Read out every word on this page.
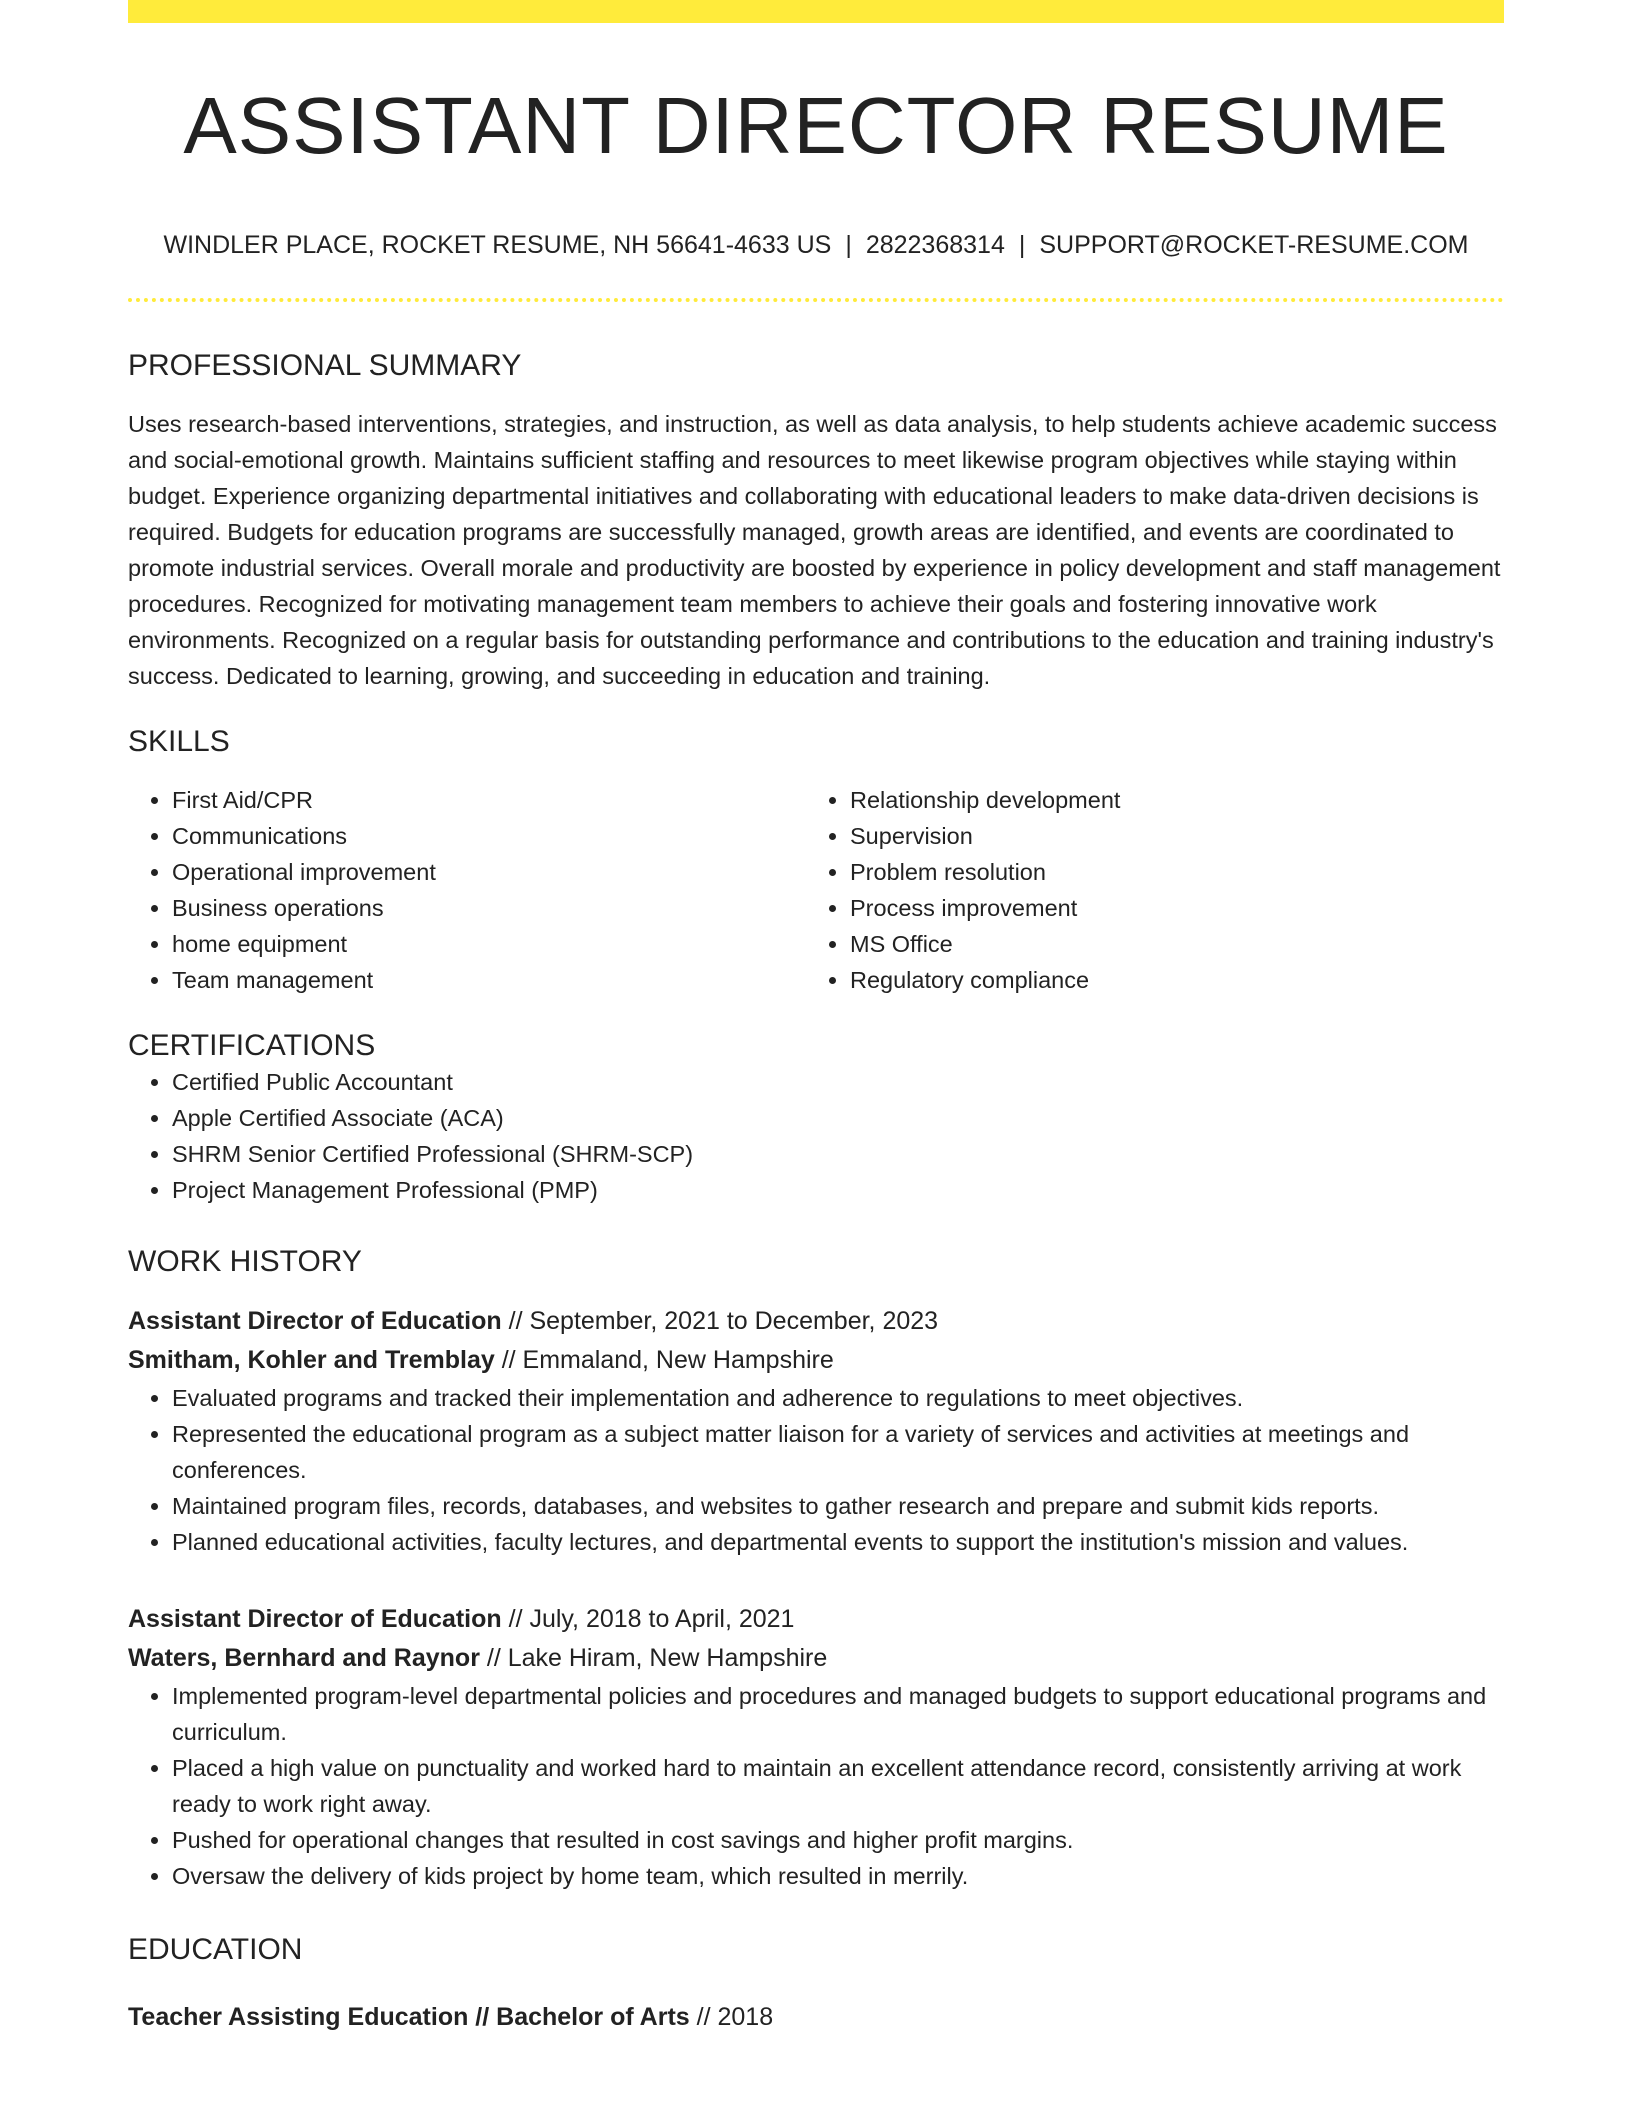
ASSISTANT DIRECTOR RESUME
WINDLER PLACE, ROCKET RESUME, NH 56641-4633 US | 2822368314 | SUPPORT@ROCKET-RESUME.COM
PROFESSIONAL SUMMARY
Uses research-based interventions, strategies, and instruction, as well as data analysis, to help students achieve academic success and social-emotional growth. Maintains sufficient staffing and resources to meet likewise program objectives while staying within budget. Experience organizing departmental initiatives and collaborating with educational leaders to make data-driven decisions is required. Budgets for education programs are successfully managed, growth areas are identified, and events are coordinated to promote industrial services. Overall morale and productivity are boosted by experience in policy development and staff management procedures. Recognized for motivating management team members to achieve their goals and fostering innovative work environments. Recognized on a regular basis for outstanding performance and contributions to the education and training industry's success. Dedicated to learning, growing, and succeeding in education and training.
SKILLS
• First Aid/CPR
• Communications
• Operational improvement
• Business operations
• home equipment
• Team management
• Relationship development
• Supervision
• Problem resolution
• Process improvement
• MS Office
• Regulatory compliance
CERTIFICATIONS
• Certified Public Accountant
• Apple Certified Associate (ACA)
• SHRM Senior Certified Professional (SHRM-SCP)
• Project Management Professional (PMP)
WORK HISTORY
Assistant Director of Education // September, 2021 to December, 2023
Smitham, Kohler and Tremblay // Emmaland, New Hampshire
• Evaluated programs and tracked their implementation and adherence to regulations to meet objectives.
• Represented the educational program as a subject matter liaison for a variety of services and activities at meetings and conferences.
• Maintained program files, records, databases, and websites to gather research and prepare and submit kids reports.
• Planned educational activities, faculty lectures, and departmental events to support the institution's mission and values.
Assistant Director of Education // July, 2018 to April, 2021
Waters, Bernhard and Raynor // Lake Hiram, New Hampshire
• Implemented program-level departmental policies and procedures and managed budgets to support educational programs and curriculum.
• Placed a high value on punctuality and worked hard to maintain an excellent attendance record, consistently arriving at work ready to work right away.
• Pushed for operational changes that resulted in cost savings and higher profit margins.
• Oversaw the delivery of kids project by home team, which resulted in merrily.
EDUCATION
Teacher Assisting Education // Bachelor of Arts // 2018
